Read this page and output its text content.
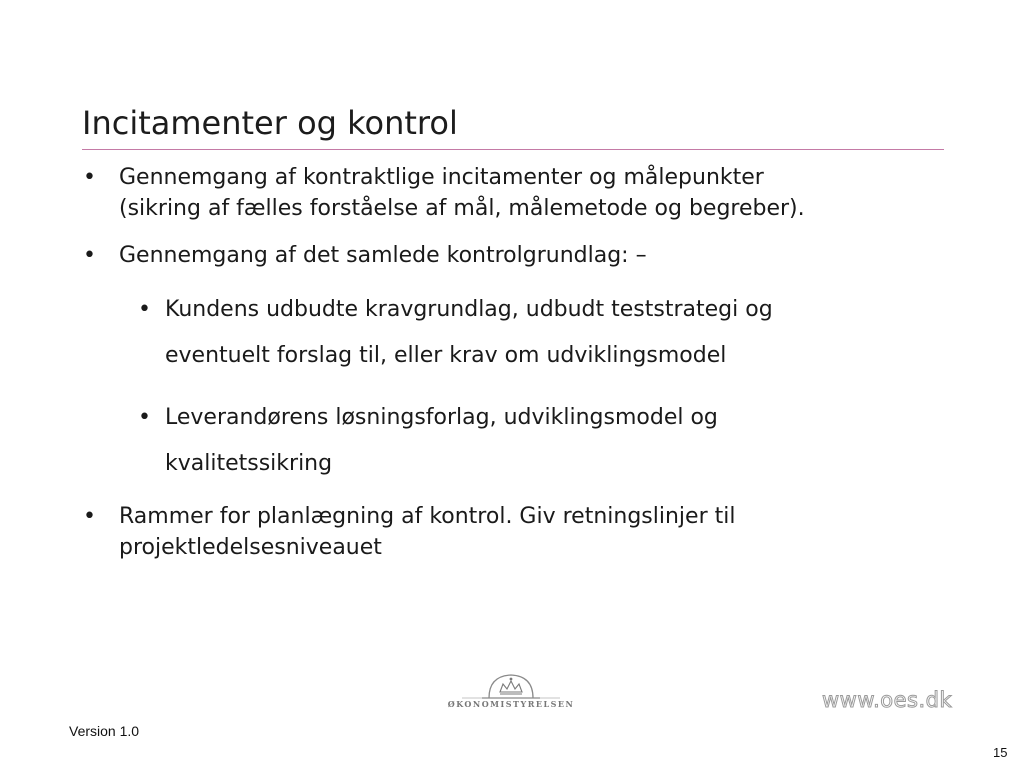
Incitamenter og kontrol
• Gennemgang af kontraktlige incitamenter og målepunkter
(sikring af fælles forståelse af mål, målemetode og begreber).
• Gennemgang af det samlede kontrolgrundlag: –
• Kundens udbudte kravgrundlag, udbudt teststrategi og
eventuelt forslag til, eller krav om udviklingsmodel
• Leverandørens løsningsforlag, udviklingsmodel og
kvalitetssikring
• Rammer for planlægning af kontrol. Giv retningslinjer til
projektledelsesniveauet
ØKONOMISTYRELSEN	www.oes.dk
Version 1.0
15
